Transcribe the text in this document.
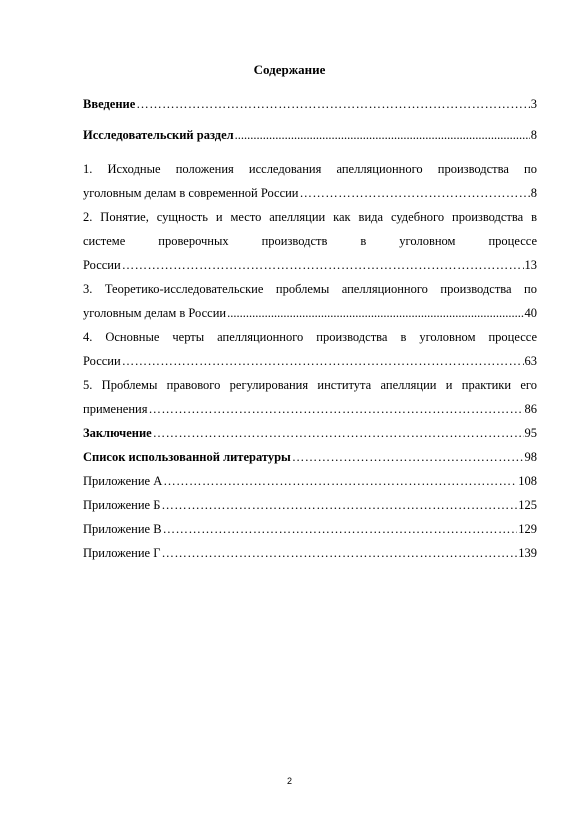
Содержание
Введение ………………………………………………………………………………………………………………………………………………………………	3
Исследовательский раздел .....	8
1. Исходные положения исследования апелляционного производства по
уголовным делам в современной России ………………………………………………………………………………………………………………………………………………………………	8
2. Понятие, сущность и место апелляции как вида судебного производства в
системе проверочных производств в уголовном процессе
России ………………………………………………………………………………………………………………………………………………………………	13
3. Теоретико-исследовательские проблемы апелляционного производства по
уголовным делам в России .....	40
4. Основные черты апелляционного производства в уголовном процессе
России ………………………………………………………………………………………………………………………………………………………………	63
5. Проблемы правового регулирования института апелляции и практики его
применения ………………………………………………………………………………………………………………………………………………………………	86
Заключение ………………………………………………………………………………………………………………………………………………………………	95
Список использованной литературы ………………………………………………………………………………………………………………………………………………………………	98
Приложение А ………………………………………………………………………………………………………………………………………………………………	108
Приложение Б ………………………………………………………………………………………………………………………………………………………………	125
Приложение В ………………………………………………………………………………………………………………………………………………………………	129
Приложение Г ………………………………………………………………………………………………………………………………………………………………	139
2
